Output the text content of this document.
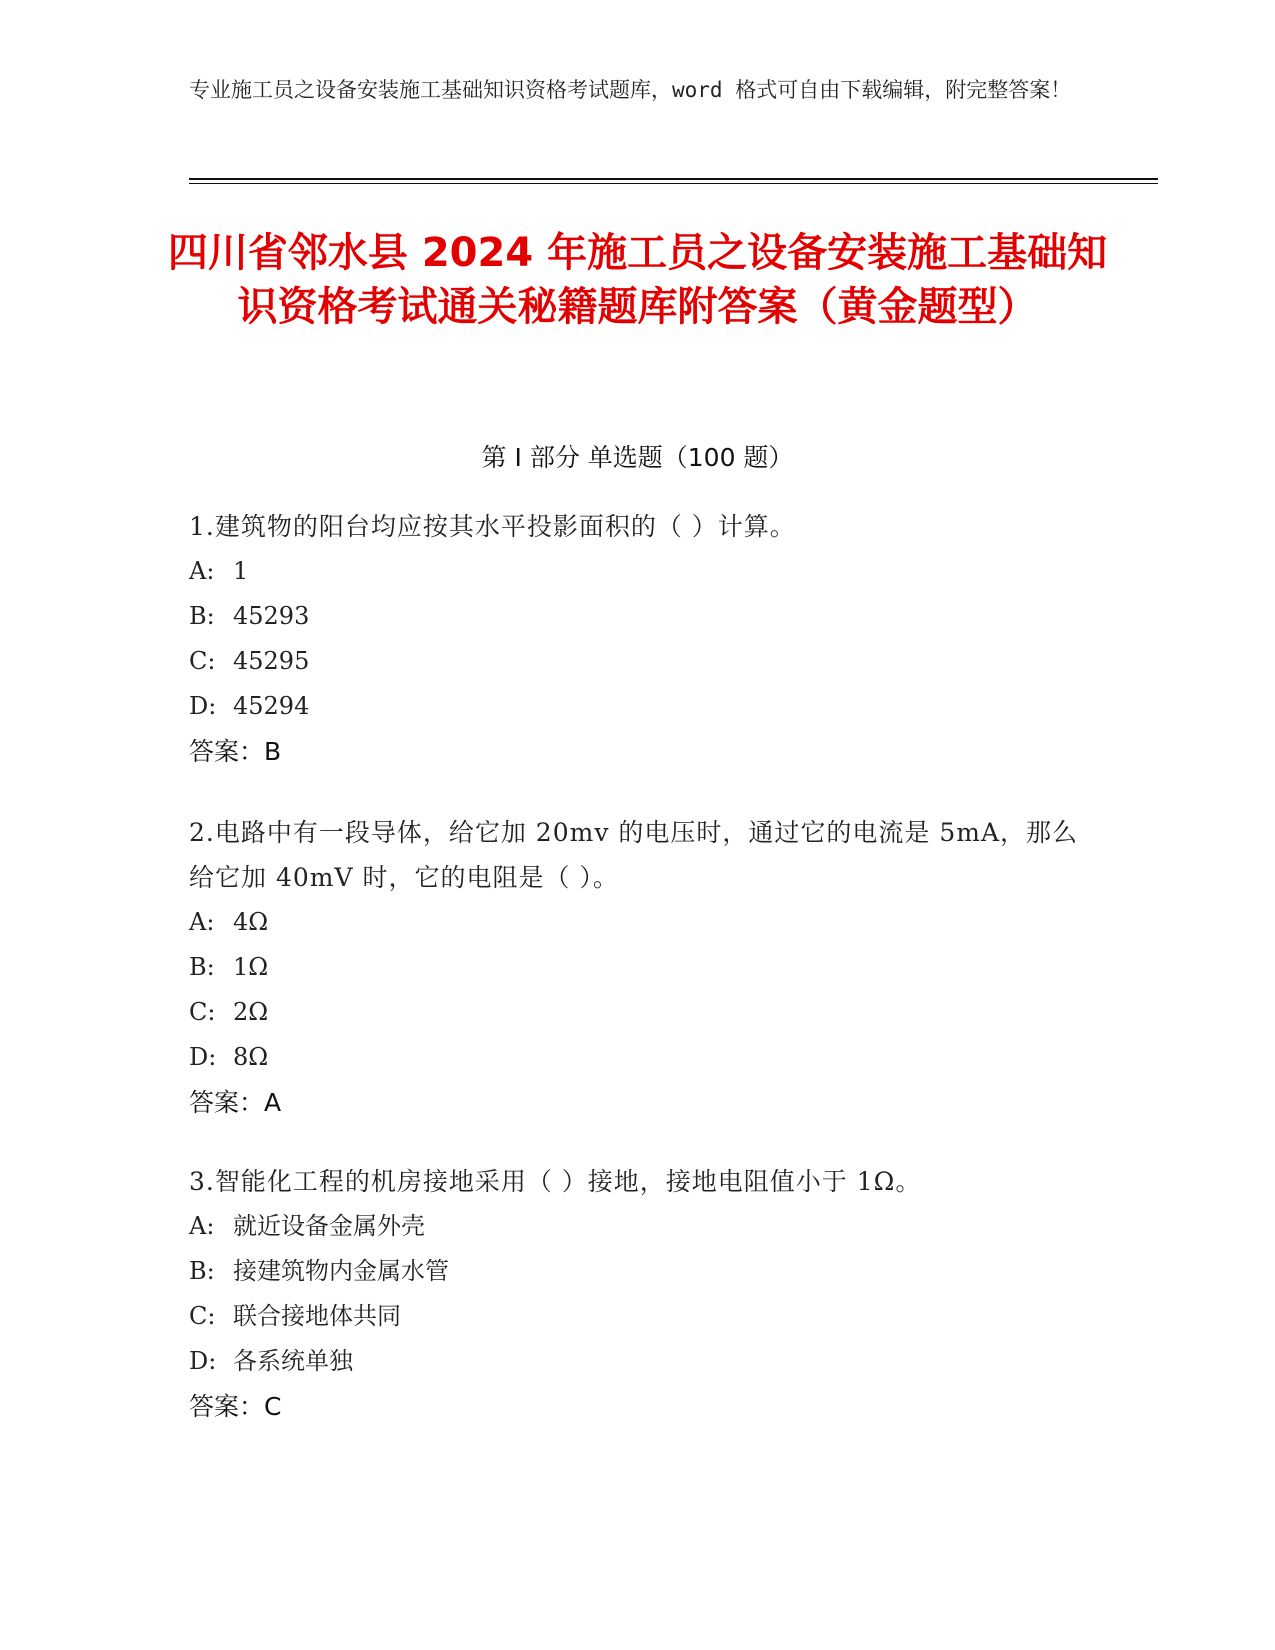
专业施工员之设备安装施工基础知识资格考试题库，word 格式可自由下载编辑，附完整答案！
四川省邻水县 2024 年施工员之设备安装施工基础知识资格考试通关秘籍题库附答案（黄金题型）
第 I 部分 单选题（100 题）
1.建筑物的阳台均应按其水平投影面积的（ ）计算。
A: 1
B: 45293
C: 45295
D: 45294
答案：B
2.电路中有一段导体，给它加 20mv 的电压时，通过它的电流是 5mA，那么给它加 40mV 时，它的电阻是（ ）。
A: 4Ω
B: 1Ω
C: 2Ω
D: 8Ω
答案：A
3.智能化工程的机房接地采用（ ）接地，接地电阻值小于 1Ω。
A: 就近设备金属外壳
B: 接建筑物内金属水管
C: 联合接地体共同
D: 各系统单独
答案：C
